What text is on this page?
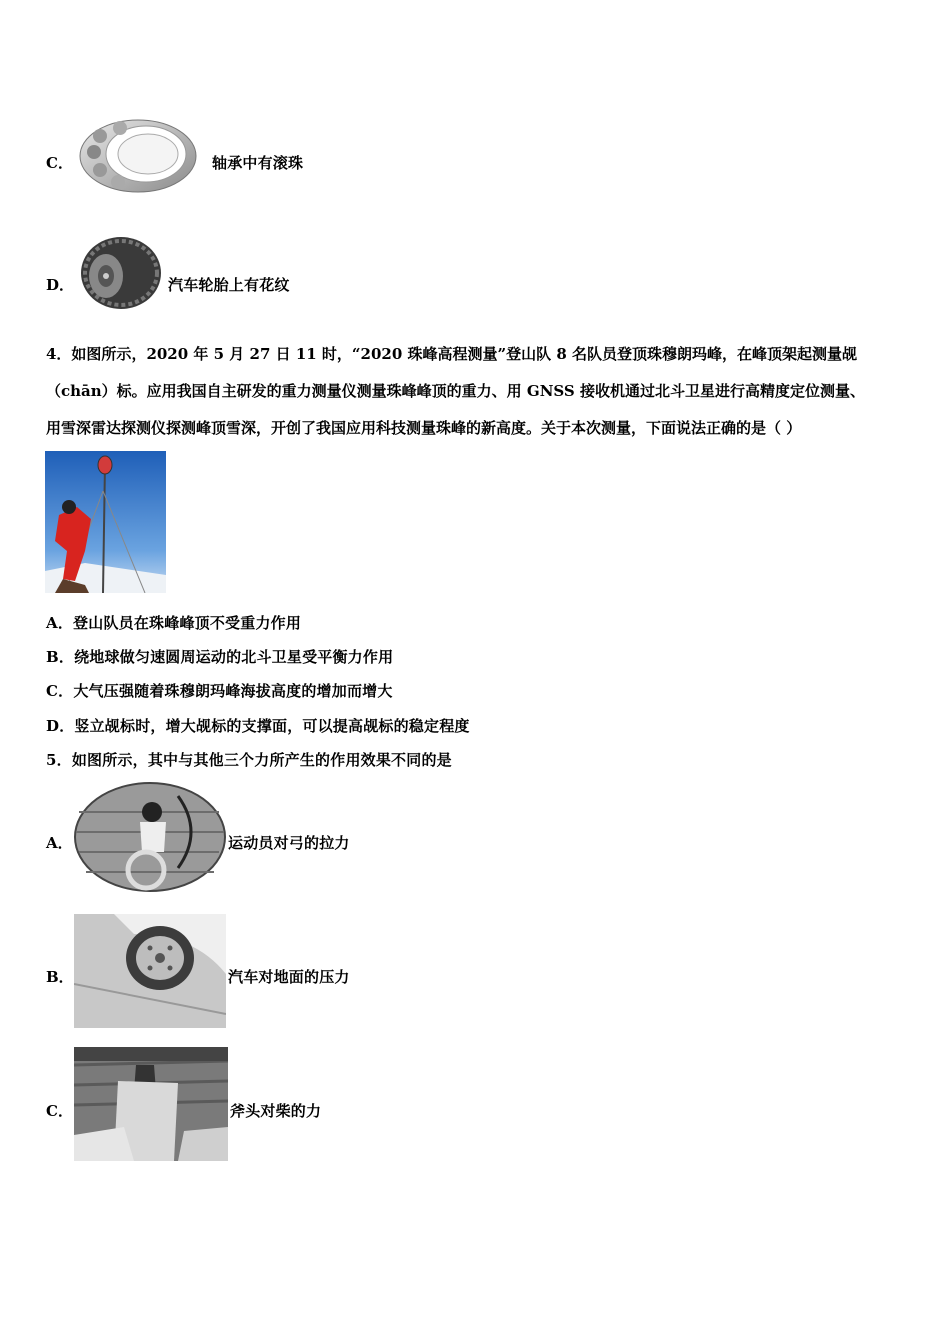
C．	轴承中有滚珠
D．	汽车轮胎上有花纹
4．如图所示，2020 年 5 月 27 日 11 时，“2020 珠峰高程测量”登山队 8 名队员登顶珠穆朗玛峰，在峰顶架起测量觇
（chān）标。应用我国自主研发的重力测量仪测量珠峰峰顶的重力、用 GNSS 接收机通过北斗卫星进行高精度定位测量、
用雪深雷达探测仪探测峰顶雪深，开创了我国应用科技测量珠峰的新高度。关于本次测量，下面说法正确的是（ ）
A．登山队员在珠峰峰顶不受重力作用
B．绕地球做匀速圆周运动的北斗卫星受平衡力作用
C．大气压强随着珠穆朗玛峰海拔高度的增加而增大
D．竖立觇标时，增大觇标的支撑面，可以提高觇标的稳定程度
5．如图所示，其中与其他三个力所产生的作用效果不同的是
A．	运动员对弓的拉力
B．	汽车对地面的压力
C．	斧头对柴的力
